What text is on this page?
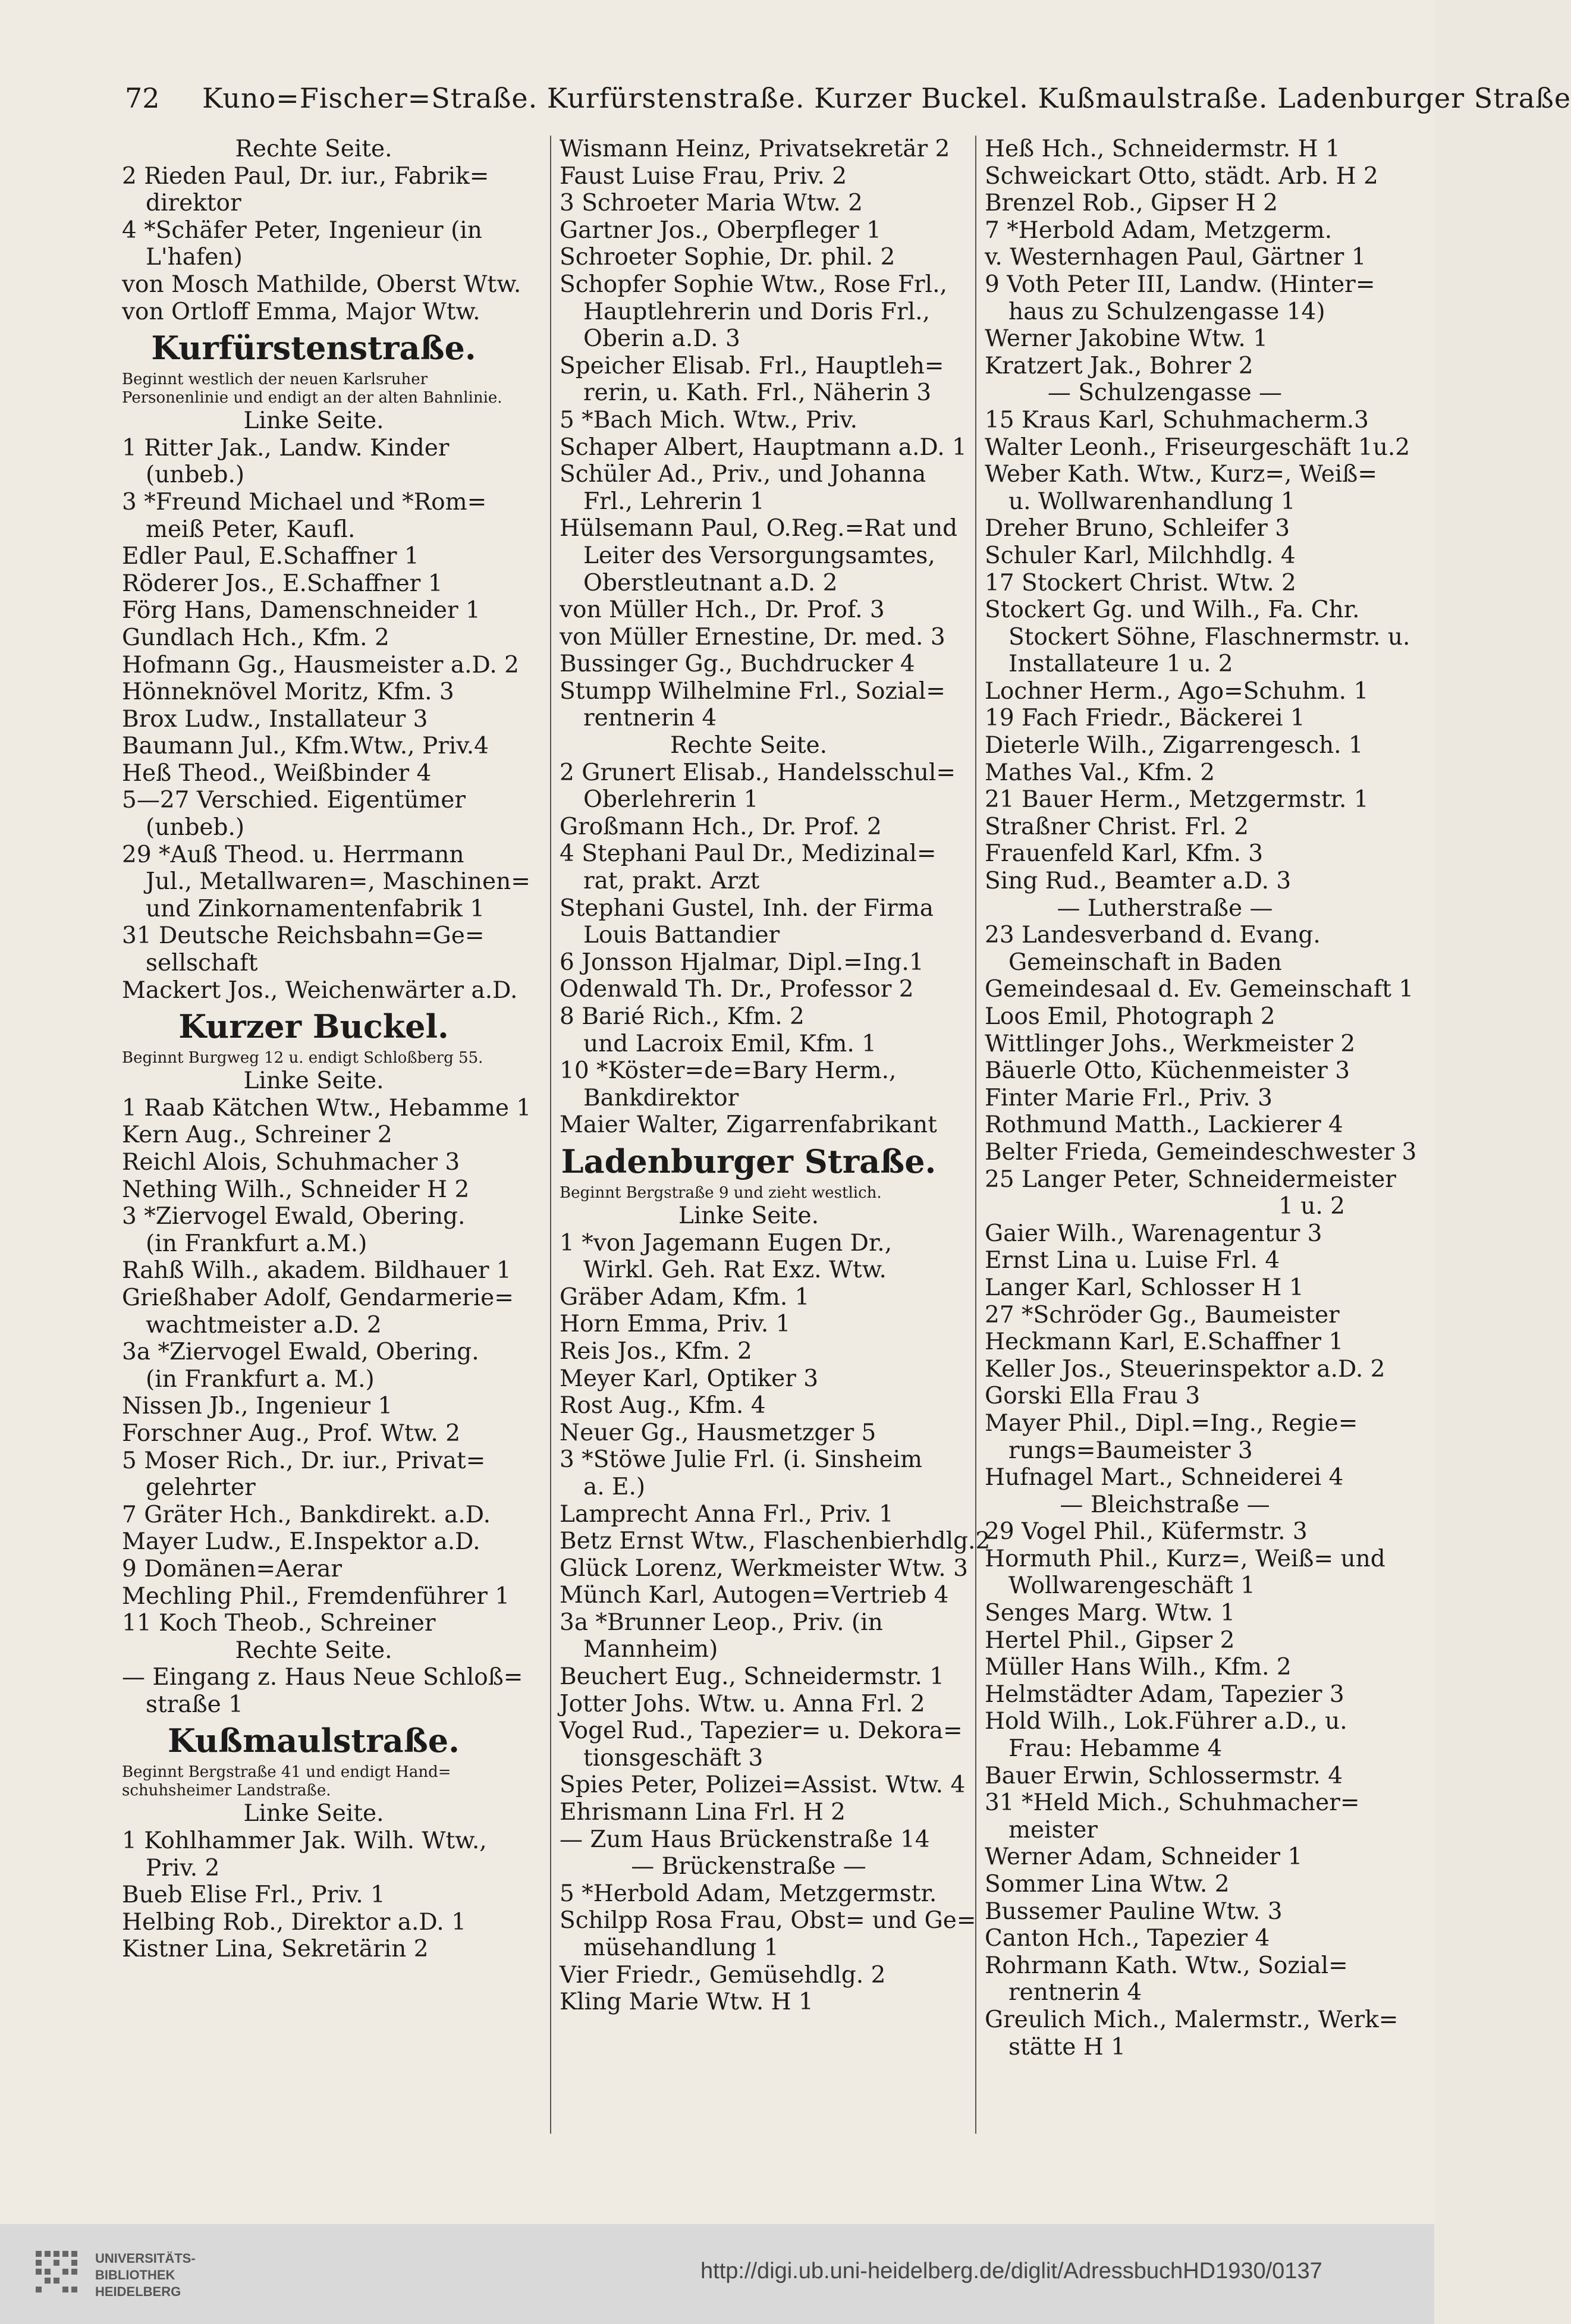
72 Kuno=Fischer=Straße. Kurfürstenstraße. Kurzer Buckel. Kußmaulstraße. Ladenburger Straße
Rechte Seite.
2 Rieden Paul, Dr. iur., Fabrik=
direktor
4 *Schäfer Peter, Ingenieur (in
L'hafen)
von Mosch Mathilde, Oberst Wtw.
von Ortloff Emma, Major Wtw.
Kurfürstenstraße.
Beginnt westlich der neuen Karlsruher Personenlinie und endigt an der alten Bahnlinie.
Linke Seite.
1 Ritter Jak., Landw. Kinder
(unbeb.)
3 *Freund Michael und *Rom=
meiß Peter, Kaufl.
Edler Paul, E.Schaffner 1
Röderer Jos., E.Schaffner 1
Förg Hans, Damenschneider 1
Gundlach Hch., Kfm. 2
Hofmann Gg., Hausmeister a.D. 2
Hönneknövel Moritz, Kfm. 3
Brox Ludw., Installateur 3
Baumann Jul., Kfm.Wtw., Priv.4
Heß Theod., Weißbinder 4
5—27 Verschied. Eigentümer
(unbeb.)
29 *Auß Theod. u. Herrmann
Jul., Metallwaren=, Maschinen=
und Zinkornamentenfabrik 1
31 Deutsche Reichsbahn=Ge=
sellschaft
Mackert Jos., Weichenwärter a.D.
Kurzer Buckel.
Beginnt Burgweg 12 u. endigt Schloßberg 55.
Linke Seite.
1 Raab Kätchen Wtw., Hebamme 1
Kern Aug., Schreiner 2
Reichl Alois, Schuhmacher 3
Nething Wilh., Schneider H 2
3 *Ziervogel Ewald, Obering.
(in Frankfurt a.M.)
Rahß Wilh., akadem. Bildhauer 1
Grießhaber Adolf, Gendarmerie=
wachtmeister a.D. 2
3a *Ziervogel Ewald, Obering.
(in Frankfurt a. M.)
Nissen Jb., Ingenieur 1
Forschner Aug., Prof. Wtw. 2
5 Moser Rich., Dr. iur., Privat=
gelehrter
7 Gräter Hch., Bankdirekt. a.D.
Mayer Ludw., E.Inspektor a.D.
9 Domänen=Aerar
Mechling Phil., Fremdenführer 1
11 Koch Theob., Schreiner
Rechte Seite.
— Eingang z. Haus Neue Schloß=
straße 1
Kußmaulstraße.
Beginnt Bergstraße 41 und endigt Hand= schuhsheimer Landstraße.
Linke Seite.
1 Kohlhammer Jak. Wilh. Wtw.,
Priv. 2
Bueb Elise Frl., Priv. 1
Helbing Rob., Direktor a.D. 1
Kistner Lina, Sekretärin 2
Wismann Heinz, Privatsekretär 2
Faust Luise Frau, Priv. 2
3 Schroeter Maria Wtw. 2
Gartner Jos., Oberpfleger 1
Schroeter Sophie, Dr. phil. 2
Schopfer Sophie Wtw., Rose Frl.,
Hauptlehrerin und Doris Frl.,
Oberin a.D. 3
Speicher Elisab. Frl., Hauptleh=
rerin, u. Kath. Frl., Näherin 3
5 *Bach Mich. Wtw., Priv.
Schaper Albert, Hauptmann a.D. 1
Schüler Ad., Priv., und Johanna
Frl., Lehrerin 1
Hülsemann Paul, O.Reg.=Rat und
Leiter des Versorgungsamtes,
Oberstleutnant a.D. 2
von Müller Hch., Dr. Prof. 3
von Müller Ernestine, Dr. med. 3
Bussinger Gg., Buchdrucker 4
Stumpp Wilhelmine Frl., Sozial=
rentnerin 4
Rechte Seite.
2 Grunert Elisab., Handelsschul=
Oberlehrerin 1
Großmann Hch., Dr. Prof. 2
4 Stephani Paul Dr., Medizinal=
rat, prakt. Arzt
Stephani Gustel, Inh. der Firma
Louis Battandier
6 Jonsson Hjalmar, Dipl.=Ing.1
Odenwald Th. Dr., Professor 2
8 Barié Rich., Kfm. 2
und Lacroix Emil, Kfm. 1
10 *Köster=de=Bary Herm.,
Bankdirektor
Maier Walter, Zigarrenfabrikant
Ladenburger Straße.
Beginnt Bergstraße 9 und zieht westlich.
Linke Seite.
1 *von Jagemann Eugen Dr.,
Wirkl. Geh. Rat Exz. Wtw.
Gräber Adam, Kfm. 1
Horn Emma, Priv. 1
Reis Jos., Kfm. 2
Meyer Karl, Optiker 3
Rost Aug., Kfm. 4
Neuer Gg., Hausmetzger 5
3 *Stöwe Julie Frl. (i. Sinsheim
a. E.)
Lamprecht Anna Frl., Priv. 1
Betz Ernst Wtw., Flaschenbierhdlg.2
Glück Lorenz, Werkmeister Wtw. 3
Münch Karl, Autogen=Vertrieb 4
3a *Brunner Leop., Priv. (in
Mannheim)
Beuchert Eug., Schneidermstr. 1
Jotter Johs. Wtw. u. Anna Frl. 2
Vogel Rud., Tapezier= u. Dekora=
tionsgeschäft 3
Spies Peter, Polizei=Assist. Wtw. 4
Ehrismann Lina Frl. H 2
— Zum Haus Brückenstraße 14
— Brückenstraße —
5 *Herbold Adam, Metzgermstr.
Schilpp Rosa Frau, Obst= und Ge=
müsehandlung 1
Vier Friedr., Gemüsehdlg. 2
Kling Marie Wtw. H 1
Heß Hch., Schneidermstr. H 1
Schweickart Otto, städt. Arb. H 2
Brenzel Rob., Gipser H 2
7 *Herbold Adam, Metzgerm.
v. Westernhagen Paul, Gärtner 1
9 Voth Peter III, Landw. (Hinter=
haus zu Schulzengasse 14)
Werner Jakobine Wtw. 1
Kratzert Jak., Bohrer 2
— Schulzengasse —
15 Kraus Karl, Schuhmacherm.3
Walter Leonh., Friseurgeschäft 1u.2
Weber Kath. Wtw., Kurz=, Weiß=
u. Wollwarenhandlung 1
Dreher Bruno, Schleifer 3
Schuler Karl, Milchhdlg. 4
17 Stockert Christ. Wtw. 2
Stockert Gg. und Wilh., Fa. Chr.
Stockert Söhne, Flaschnermstr. u.
Installateure 1 u. 2
Lochner Herm., Ago=Schuhm. 1
19 Fach Friedr., Bäckerei 1
Dieterle Wilh., Zigarrengesch. 1
Mathes Val., Kfm. 2
21 Bauer Herm., Metzgermstr. 1
Straßner Christ. Frl. 2
Frauenfeld Karl, Kfm. 3
Sing Rud., Beamter a.D. 3
— Lutherstraße —
23 Landesverband d. Evang.
Gemeinschaft in Baden
Gemeindesaal d. Ev. Gemeinschaft 1
Loos Emil, Photograph 2
Wittlinger Johs., Werkmeister 2
Bäuerle Otto, Küchenmeister 3
Finter Marie Frl., Priv. 3
Rothmund Matth., Lackierer 4
Belter Frieda, Gemeindeschwester 3
25 Langer Peter, Schneidermeister
1 u. 2
Gaier Wilh., Warenagentur 3
Ernst Lina u. Luise Frl. 4
Langer Karl, Schlosser H 1
27 *Schröder Gg., Baumeister
Heckmann Karl, E.Schaffner 1
Keller Jos., Steuerinspektor a.D. 2
Gorski Ella Frau 3
Mayer Phil., Dipl.=Ing., Regie=
rungs=Baumeister 3
Hufnagel Mart., Schneiderei 4
— Bleichstraße —
29 Vogel Phil., Küfermstr. 3
Hormuth Phil., Kurz=, Weiß= und
Wollwarengeschäft 1
Senges Marg. Wtw. 1
Hertel Phil., Gipser 2
Müller Hans Wilh., Kfm. 2
Helmstädter Adam, Tapezier 3
Hold Wilh., Lok.Führer a.D., u.
Frau: Hebamme 4
Bauer Erwin, Schlossermstr. 4
31 *Held Mich., Schuhmacher=
meister
Werner Adam, Schneider 1
Sommer Lina Wtw. 2
Bussemer Pauline Wtw. 3
Canton Hch., Tapezier 4
Rohrmann Kath. Wtw., Sozial=
rentnerin 4
Greulich Mich., Malermstr., Werk=
stätte H 1
UNIVERSITÄTS-
BIBLIOTHEK
HEIDELBERG
http://digi.ub.uni-heidelberg.de/diglit/AdressbuchHD1930/0137
